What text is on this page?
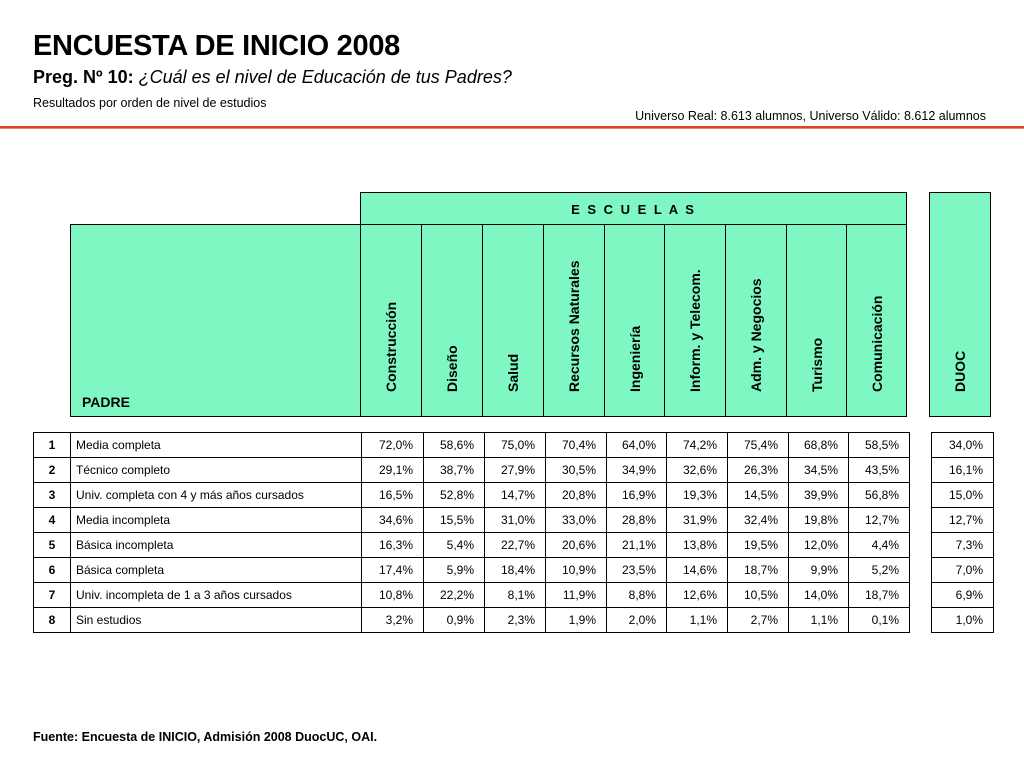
ENCUESTA DE INICIO 2008
Preg. Nº 10: ¿Cuál es el nivel de Educación de tus Padres?
Resultados por orden de nivel de estudios
Universo Real: 8.613 alumnos, Universo Válido: 8.612 alumnos
E S C U E L A S
PADRE
Construcción	Diseño	Salud	Recursos Naturales	Ingeniería	Inform. y Telecom.	Adm. y Negocios	Turismo	Comunicación	DUOC
1	Media completa	72,0%	58,6%	75,0%	70,4%	64,0%	74,2%	75,4%	68,8%	58,5%		34,0%
2	Técnico completo	29,1%	38,7%	27,9%	30,5%	34,9%	32,6%	26,3%	34,5%	43,5%		16,1%
3	Univ. completa con 4 y más años cursados	16,5%	52,8%	14,7%	20,8%	16,9%	19,3%	14,5%	39,9%	56,8%		15,0%
4	Media incompleta	34,6%	15,5%	31,0%	33,0%	28,8%	31,9%	32,4%	19,8%	12,7%		12,7%
5	Básica incompleta	16,3%	5,4%	22,7%	20,6%	21,1%	13,8%	19,5%	12,0%	4,4%		7,3%
6	Básica completa	17,4%	5,9%	18,4%	10,9%	23,5%	14,6%	18,7%	9,9%	5,2%		7,0%
7	Univ. incompleta de 1 a 3 años cursados	10,8%	22,2%	8,1%	11,9%	8,8%	12,6%	10,5%	14,0%	18,7%		6,9%
8	Sin estudios	3,2%	0,9%	2,3%	1,9%	2,0%	1,1%	2,7%	1,1%	0,1%		1,0%
Fuente: Encuesta de INICIO, Admisión 2008 DuocUC, OAI.
